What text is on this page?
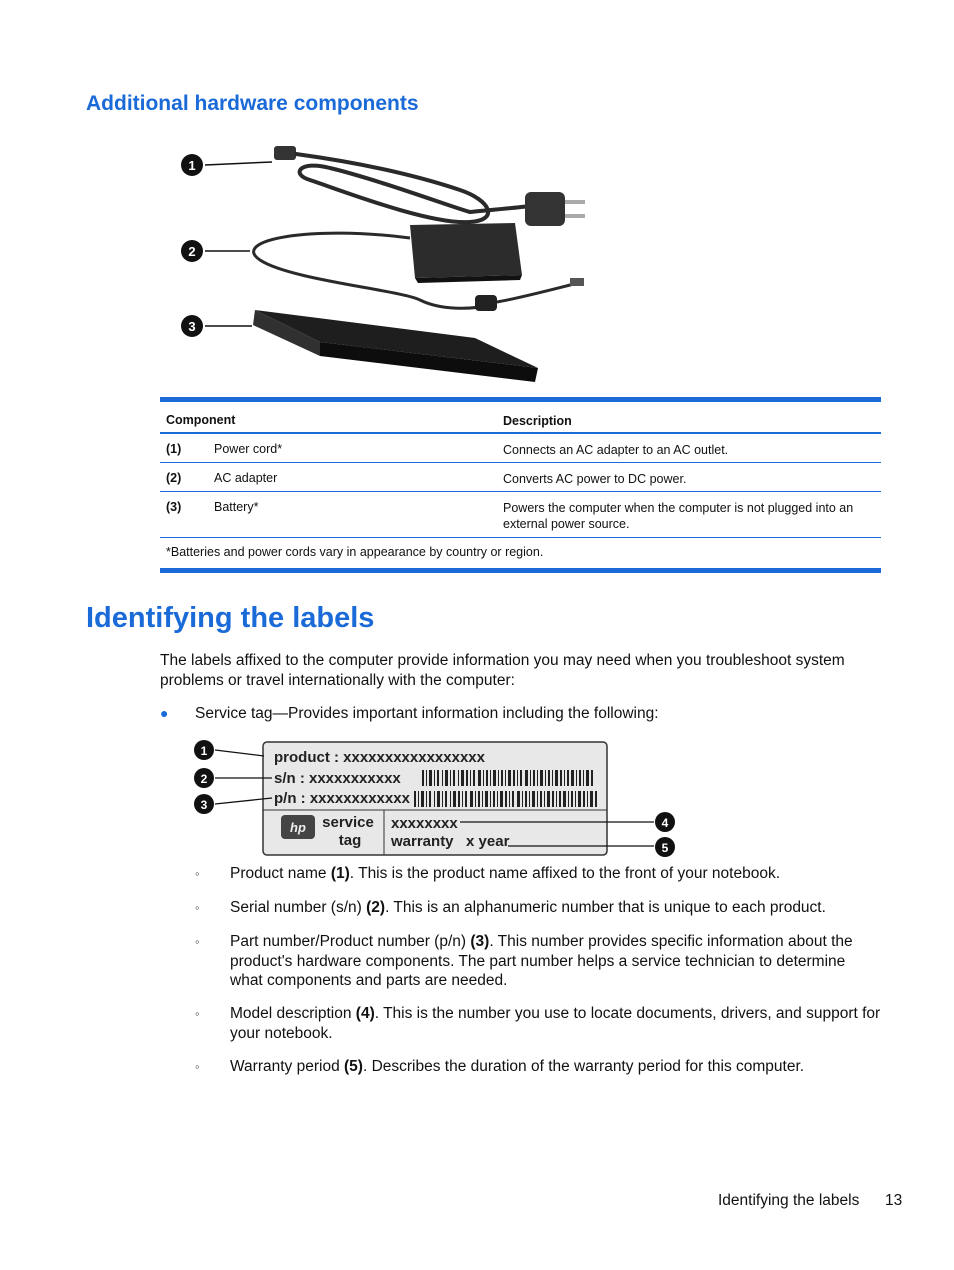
Additional hardware components
1
2
3
Component	Description
(1)	Power cord*	Connects an AC adapter to an AC outlet.
(2)	AC adapter	Converts AC power to DC power.
(3)	Battery*	Powers the computer when the computer is not plugged into an external power source.
*Batteries and power cords vary in appearance by country or region.
Identifying the labels

The labels affixed to the computer provide information you may need when you troubleshoot system problems or travel internationally with the computer:

● Service tag—Provides important information including the following:
product : xxxxxxxxxxxxxxxxx
s/n : xxxxxxxxxxx
p/n : xxxxxxxxxxxx
hp service
tag
xxxxxxxx
warranty   x year
1
2
3
4
5
◦ Product name (1). This is the product name affixed to the front of your notebook.
◦ Serial number (s/n) (2). This is an alphanumeric number that is unique to each product.
◦ Part number/Product number (p/n) (3). This number provides specific information about the product's hardware components. The part number helps a service technician to determine what components and parts are needed.
◦ Model description (4). This is the number you use to locate documents, drivers, and support for your notebook.
◦ Warranty period (5). Describes the duration of the warranty period for this computer.
Identifying the labels 13
